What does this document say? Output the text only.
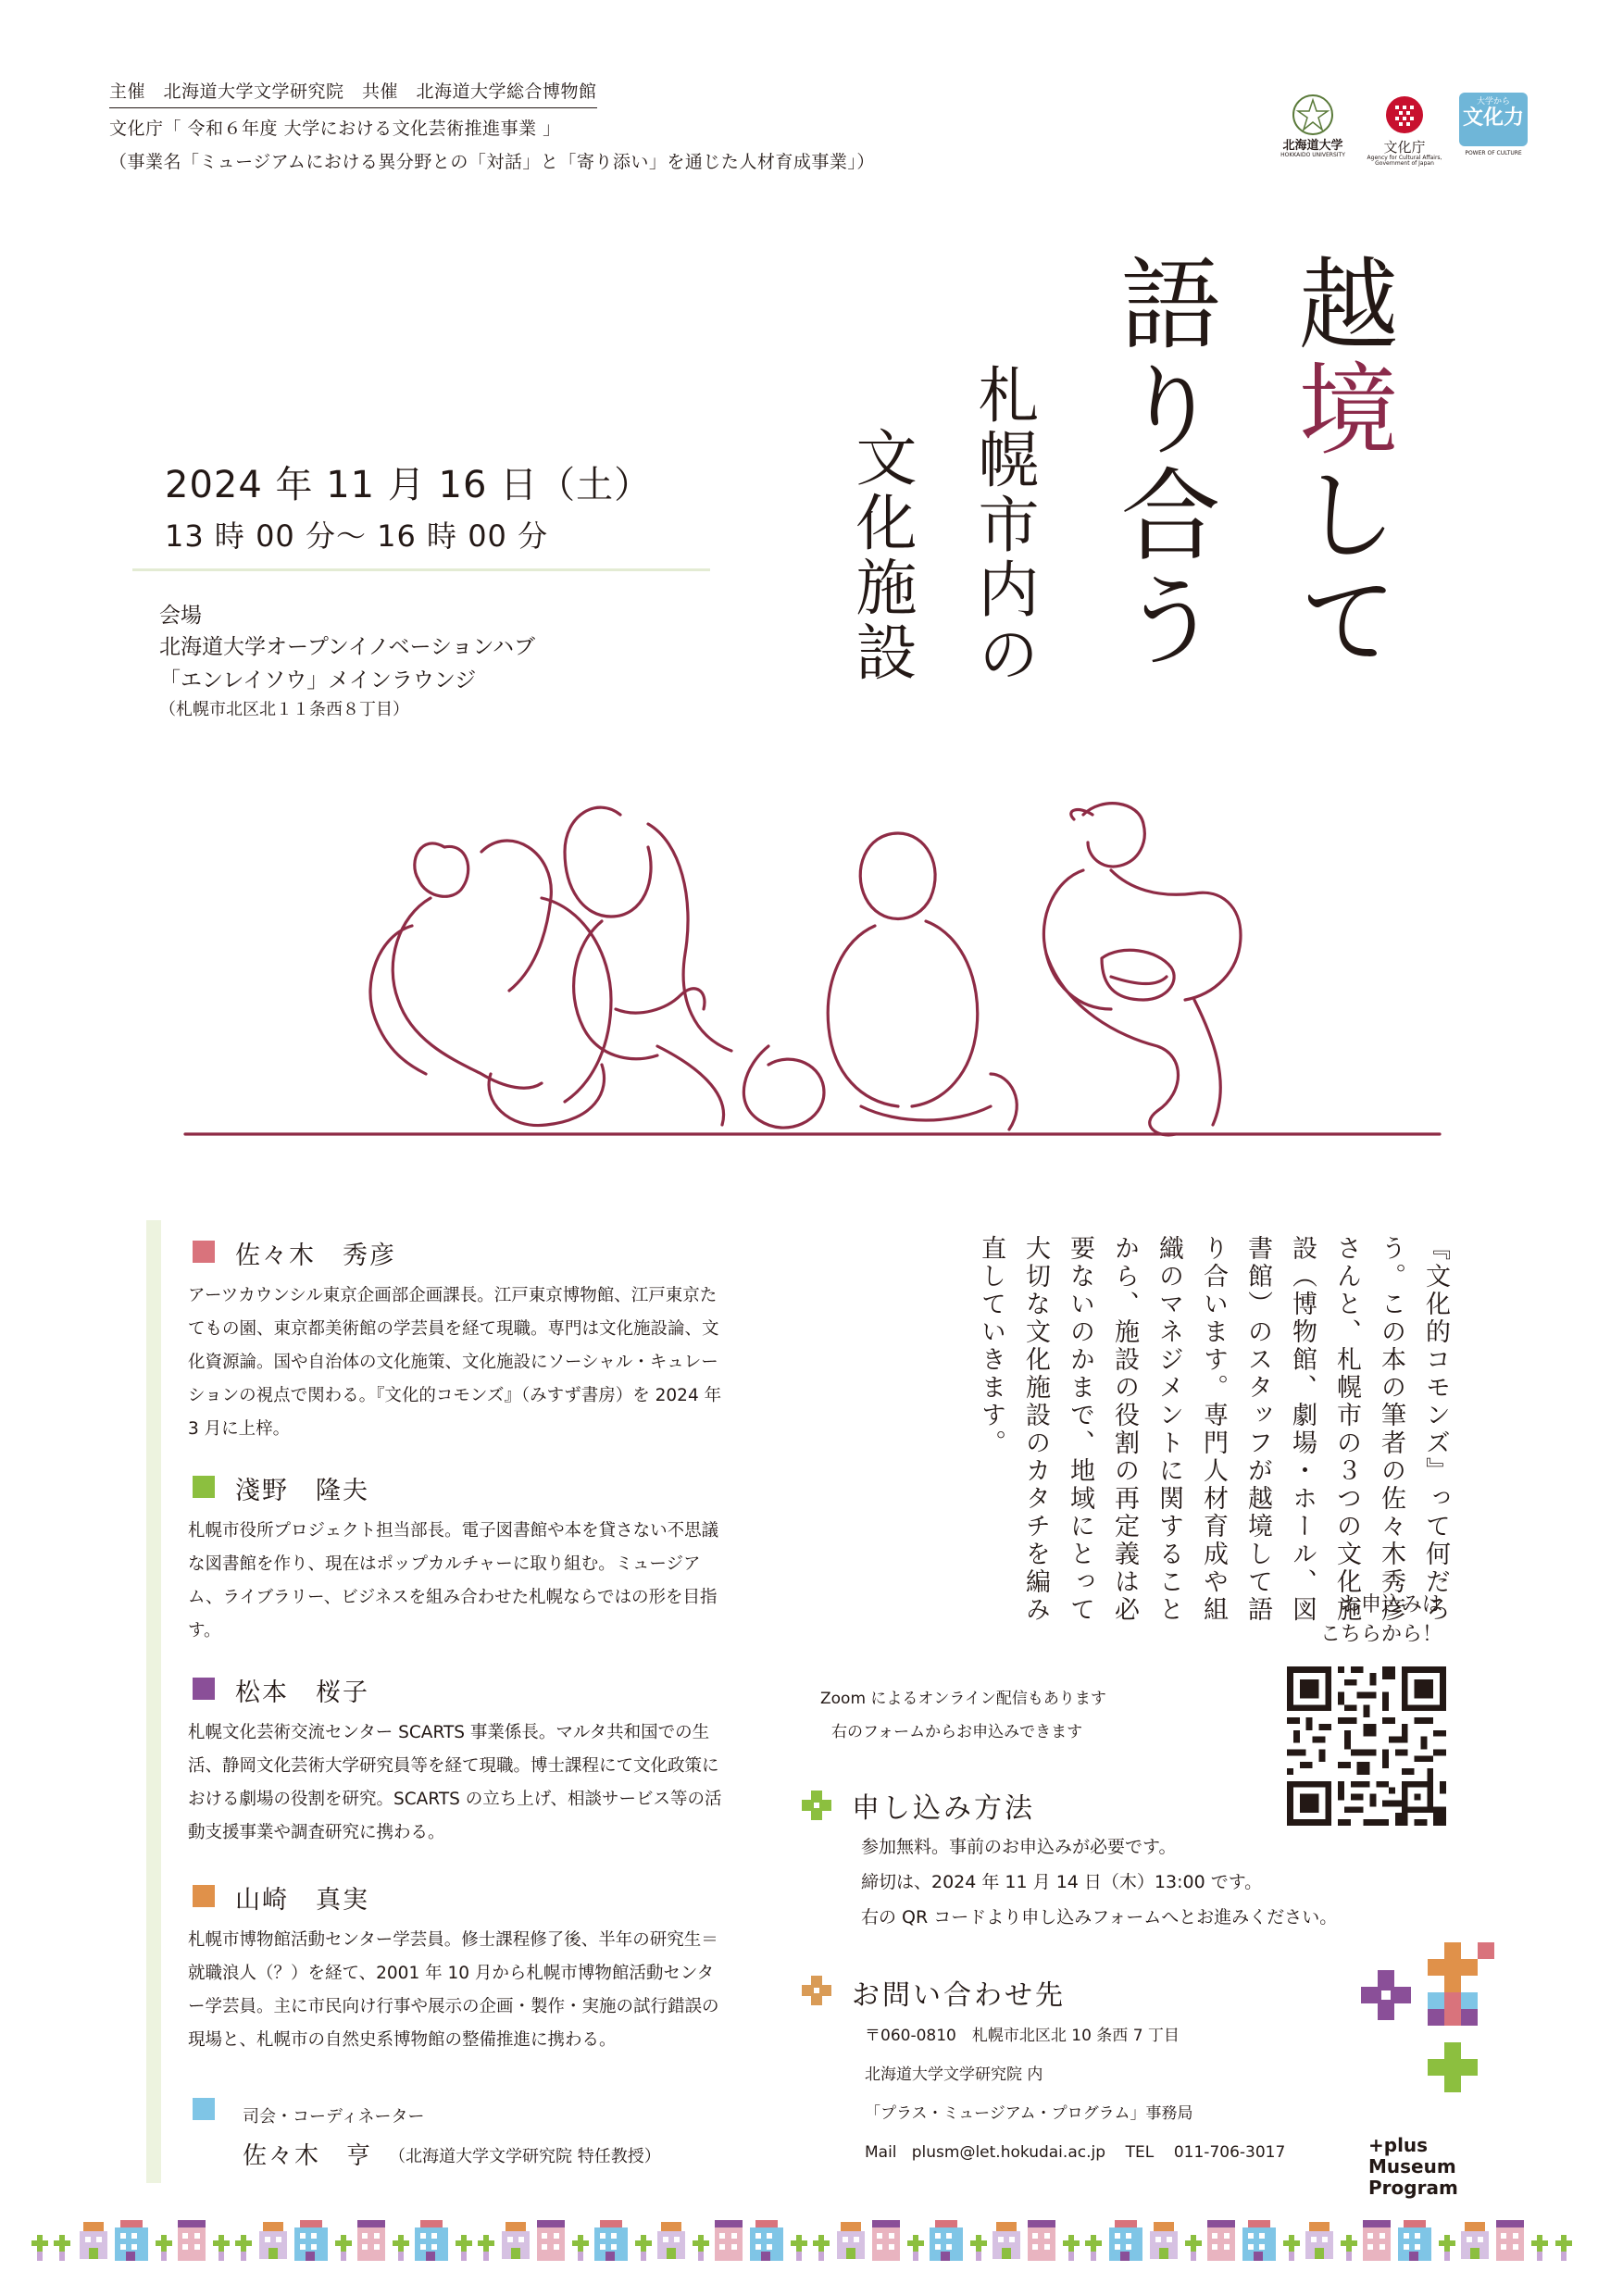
主催　北海道大学文学研究院　共催　北海道大学総合博物館
文化庁「 令和６年度 大学における文化芸術推進事業 」
（事業名「ミュージアムにおける異分野との「対話」と「寄り添い」を通じた人材育成事業」）
北海道大学
HOKKAIDO UNIVERSITY	文化庁
Agency for Cultural Affairs, Government of Japan
大学から
文化力
POWER OF CULTURE
越境して
語り合う
札幌市内の
文化施設
2024 年 11 月 16 日（土）
13 時 00 分～ 16 時 00 分
会場
北海道大学オープンイノベーションハブ
「エンレイソウ」メインラウンジ
（札幌市北区北１１条西８丁目）
佐々木　秀彦
アーツカウンシル東京企画部企画課長。江戸東京博物館、江戸東京たてもの園、東京都美術館の学芸員を経て現職。専門は文化施設論、文化資源論。国や自治体の文化施策、文化施設にソーシャル・キュレーションの視点で関わる。『文化的コモンズ』（みすず書房）を 2024 年 3 月に上梓。
淺野　隆夫
札幌市役所プロジェクト担当部長。電子図書館や本を貸さない不思議な図書館を作り、現在はポップカルチャーに取り組む。ミュージアム、ライブラリー、ビジネスを組み合わせた札幌ならではの形を目指す。
松本　桜子
札幌文化芸術交流センター SCARTS 事業係長。マルタ共和国での生活、静岡文化芸術大学研究員等を経て現職。博士課程にて文化政策における劇場の役割を研究。SCARTS の立ち上げ、相談サービス等の活動支援事業や調査研究に携わる。
山崎　真実
札幌市博物館活動センター学芸員。修士課程修了後、半年の研究生＝就職浪人（？）を経て、2001 年 10 月から札幌市博物館活動センター学芸員。主に市民向け行事や展示の企画・製作・実施の試行錯誤の現場と、札幌市の自然史系博物館の整備推進に携わる。
司会・コーディネーター
佐々木　亨 （北海道大学文学研究院 特任教授）
『文化的コモンズ』って何だろう。この本の筆者の佐々木秀彦さんと、札幌市の３つの文化施設（博物館、劇場・ホール、図書館）のスタッフが越境して語り合います。専門人材育成や組織のマネジメントに関することから、施設の役割の再定義は必要ないのかまで、地域にとって大切な文化施設のカタチを編み直していきます。
お申込みは
こちらから！
Zoom によるオンライン配信もあります
右のフォームからお申込みできます
申し込み方法
参加無料。事前のお申込みが必要です。
締切は、2024 年 11 月 14 日（木）13:00 です。
右の QR コードより申し込みフォームへとお進みください。
お問い合わせ先
〒060-0810　札幌市北区北 10 条西 7 丁目
北海道大学文学研究院 内
「プラス・ミュージアム・プログラム」事務局
Mail plusm@let.hokudai.ac.jp TEL 011-706-3017	+plus
Museum
Program
